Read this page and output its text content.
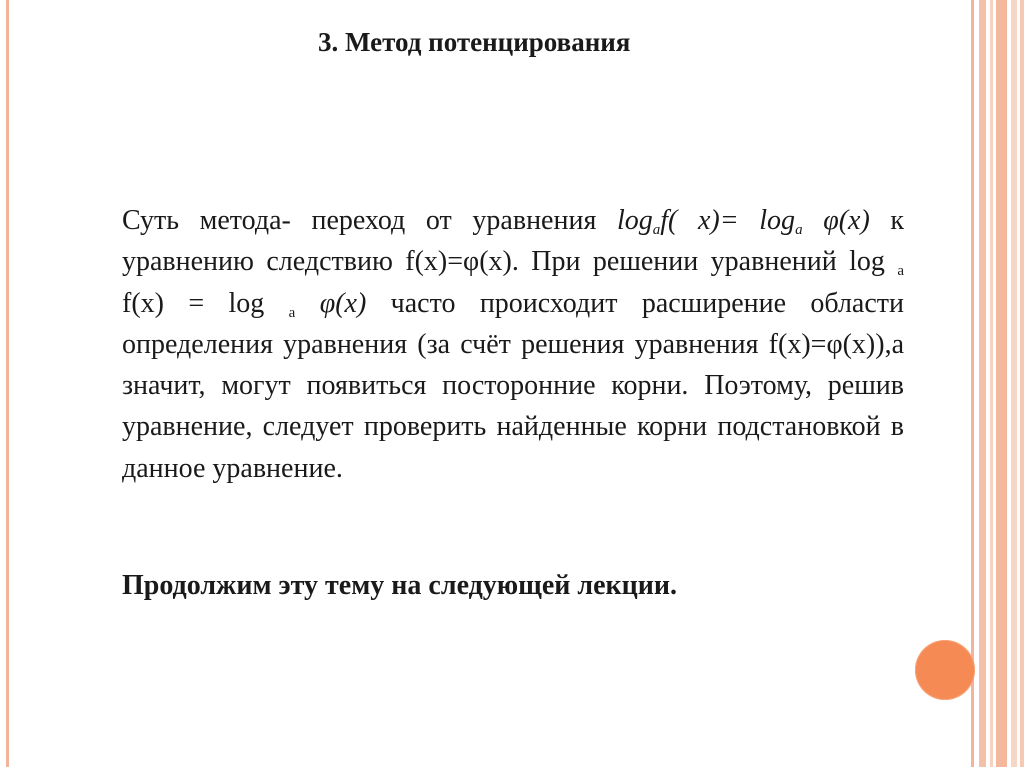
3. Метод потенцирования
Суть метода- переход от уравнения $\log_af$( $x)= \log_a \varphi(x)$ к уравнению следствию f(x)=φ(x). При решении уравнений log $_a$ f(x) = log $_a$ φ(x) часто происходит расширение области определения уравнения (за счёт решения уравнения f(x)=φ(x)),а значит, могут появиться посторонние корни. Поэтому, решив уравнение, следует проверить найденные корни подстановкой в данное уравнение.
Продолжим эту тему на следующей лекции.
